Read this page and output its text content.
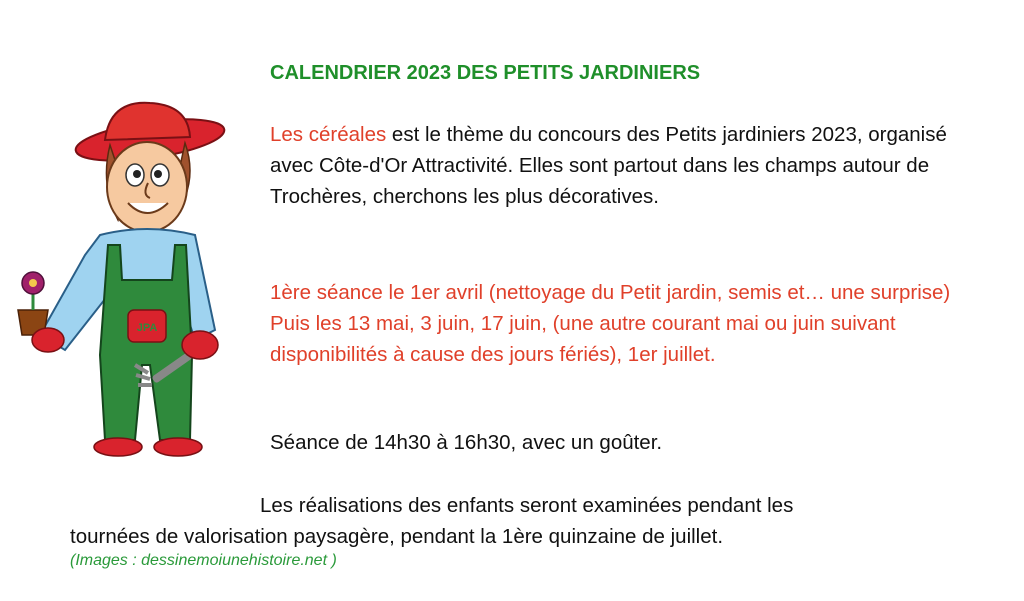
JPA
CALENDRIER 2023 DES PETITS JARDINIERS
Les céréales est le thème du concours des Petits jardiniers 2023, organisé avec Côte-d'Or Attractivité. Elles sont partout dans les champs autour de Trochères, cherchons les plus décoratives.
1ère séance le 1er avril (nettoyage du Petit jardin, semis et… une surprise) Puis les 13 mai, 3 juin, 17 juin, (une autre courant mai ou juin suivant disponibilités à cause des jours fériés), 1er juillet.
Séance de 14h30 à 16h30, avec un goûter.
Les réalisations des enfants seront examinées pendant les
tournées de valorisation paysagère, pendant la 1ère quinzaine de juillet.
(Images : dessinemoiunehistoire.net )
